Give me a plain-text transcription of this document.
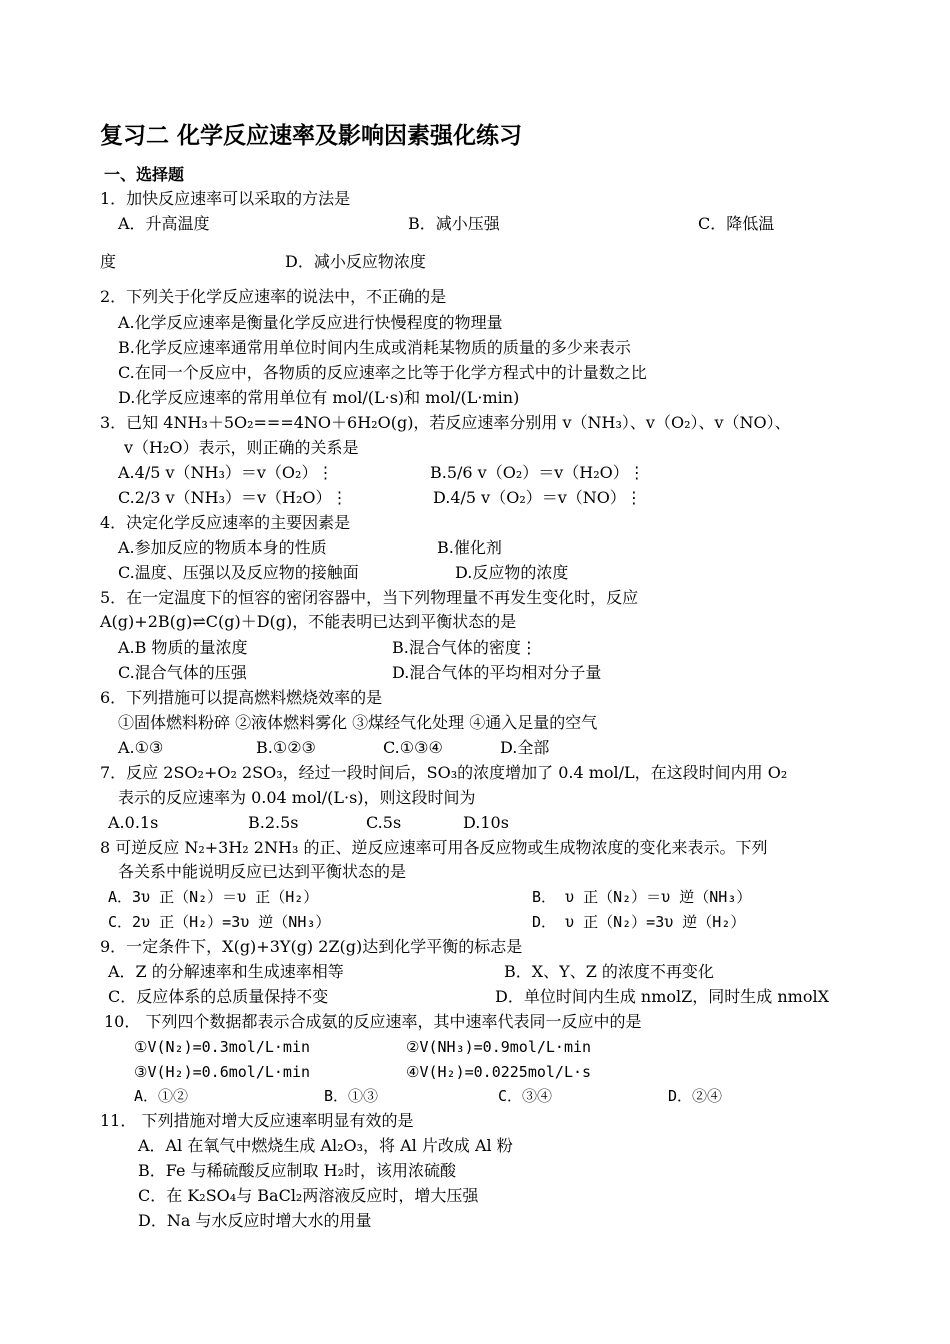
复习二 化学反应速率及影响因素强化练习
一、选择题
1．加快反应速率可以采取的方法是
A．升高温度	B．减小压强	C．降低温
度	D．减小反应物浓度
2．下列关于化学反应速率的说法中，不正确的是
A.化学反应速率是衡量化学反应进行快慢程度的物理量
B.化学反应速率通常用单位时间内生成或消耗某物质的质量的多少来表示
C.在同一个反应中，各物质的反应速率之比等于化学方程式中的计量数之比
D.化学反应速率的常用单位有 mol/(L·s)和 mol/(L·min)
3．已知 4NH₃＋5O₂===4NO＋6H₂O(g)，若反应速率分别用 v（NH₃）、v（O₂）、v（NO）、
v（H₂O）表示，则正确的关系是
A.4/5 v（NH₃）＝v（O₂）⋮	B.5/6 v（O₂）＝v（H₂O）⋮
C.2/3 v（NH₃）＝v（H₂O）⋮	D.4/5 v（O₂）＝v（NO）⋮
4．决定化学反应速率的主要因素是
A.参加反应的物质本身的性质	B.催化剂
C.温度、压强以及反应物的接触面	D.反应物的浓度
5．在一定温度下的恒容的密闭容器中，当下列物理量不再发生变化时，反应
A(g)+2B(g)⇌C(g)＋D(g)，不能表明已达到平衡状态的是
A.B 物质的量浓度	B.混合气体的密度⋮
C.混合气体的压强	D.混合气体的平均相对分子量
6．下列措施可以提高燃料燃烧效率的是
①固体燃料粉碎 ②液体燃料雾化 ③煤经气化处理 ④通入足量的空气
A.①③	B.①②③	C.①③④	D.全部
7．反应 2SO₂+O₂ 2SO₃，经过一段时间后，SO₃的浓度增加了 0.4 mol/L，在这段时间内用 O₂
表示的反应速率为 0.04 mol/(L·s)，则这段时间为
A.0.1s	B.2.5s	C.5s	D.10s
8 可逆反应 N₂+3H₂ 2NH₃ 的正、逆反应速率可用各反应物或生成物浓度的变化来表示。下列
各关系中能说明反应已达到平衡状态的是
A．3υ 正（N₂）＝υ 正（H₂）	B． υ 正（N₂）＝υ 逆（NH₃）
C．2υ 正（H₂）=3υ 逆（NH₃）	D． υ 正（N₂）=3υ 逆（H₂）
9．一定条件下，X(g)+3Y(g) 2Z(g)达到化学平衡的标志是
A．Z 的分解速率和生成速率相等	B．X、Y、Z 的浓度不再变化
C．反应体系的总质量保持不变	D．单位时间内生成 nmolZ，同时生成 nmolX
10． 下列四个数据都表示合成氨的反应速率，其中速率代表同一反应中的是
①V(N₂)=0.3mol/L·min	②V(NH₃)=0.9mol/L·min
③V(H₂)=0.6mol/L·min	④V(H₂)=0.0225mol/L·s
A．①②	B．①③	C．③④	D．②④
11． 下列措施对增大反应速率明显有效的是
A．Al 在氧气中燃烧生成 Al₂O₃，将 Al 片改成 Al 粉
B．Fe 与稀硫酸反应制取 H₂时，该用浓硫酸
C．在 K₂SO₄与 BaCl₂两溶液反应时，增大压强
D．Na 与水反应时增大水的用量
